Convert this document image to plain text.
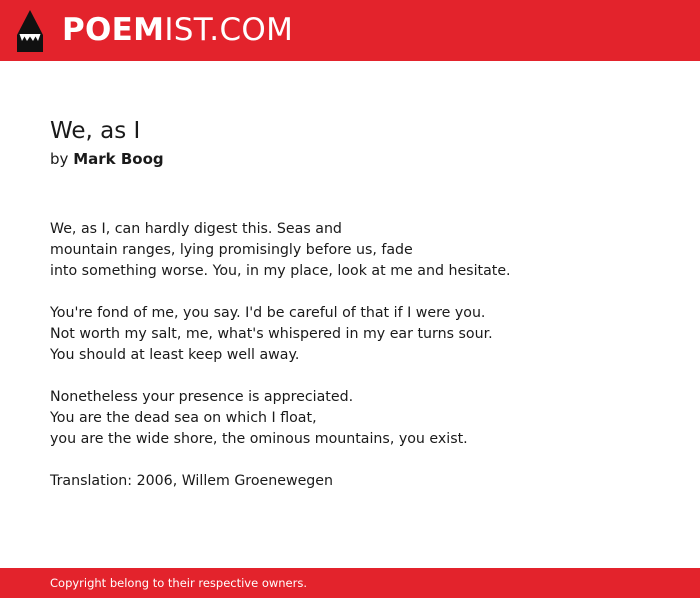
POEMIST.COM
We, as I
by Mark Boog
We, as I, can hardly digest this. Seas and
mountain ranges, lying promisingly before us, fade
into something worse. You, in my place, look at me and hesitate.
You're fond of me, you say. I'd be careful of that if I were you.
Not worth my salt, me, what's whispered in my ear turns sour.
You should at least keep well away.
Nonetheless your presence is appreciated.
You are the dead sea on which I float,
you are the wide shore, the ominous mountains, you exist.
Translation: 2006, Willem Groenewegen
Copyright belong to their respective owners.
